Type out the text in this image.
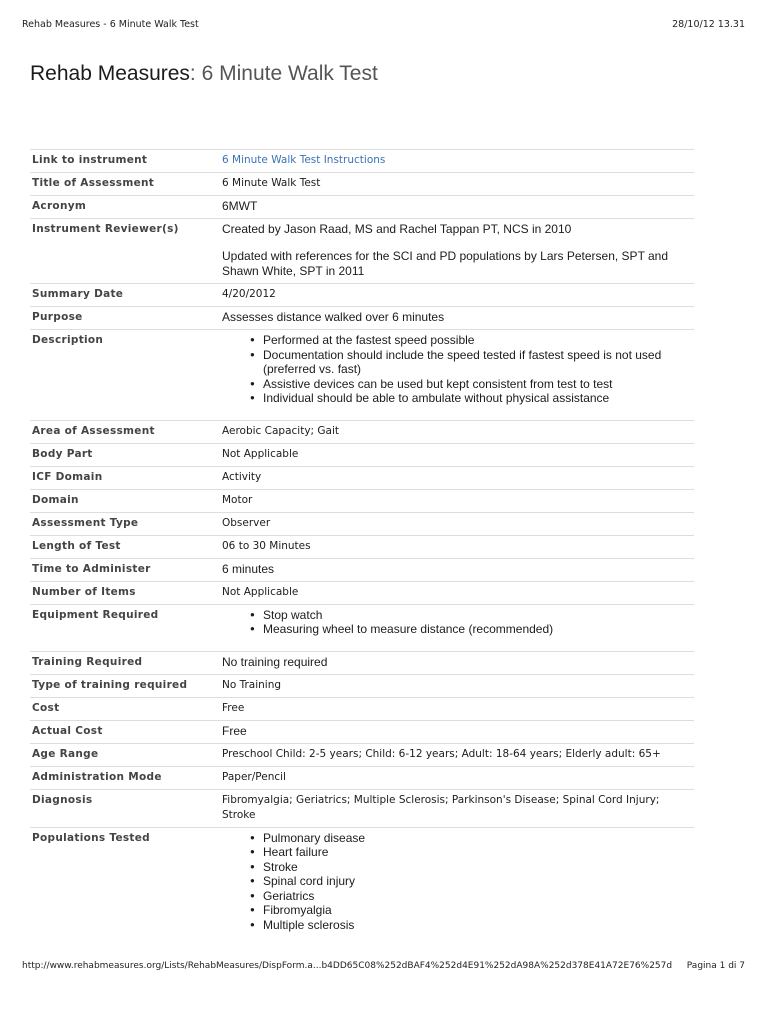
Rehab Measures - 6 Minute Walk Test	28/10/12 13.31
Rehab Measures: 6 Minute Walk Test
Link to instrument	6 Minute Walk Test Instructions
Title of Assessment	6 Minute Walk Test
Acronym	6MWT
Instrument Reviewer(s)	Created by Jason Raad, MS and Rachel Tappan PT, NCS in 2010

Updated with references for the SCI and PD populations by Lars Petersen, SPT and Shawn White, SPT in 2011

Summary Date	4/20/2012
Purpose	Assesses distance walked over 6 minutes
Description	● Performed at the fastest speed possible
● Documentation should include the speed tested if fastest speed is not used (preferred vs. fast)
● Assistive devices can be used but kept consistent from test to test
● Individual should be able to ambulate without physical assistance
Area of Assessment	Aerobic Capacity; Gait
Body Part	Not Applicable
ICF Domain	Activity
Domain	Motor
Assessment Type	Observer
Length of Test	06 to 30 Minutes
Time to Administer	6 minutes
Number of Items	Not Applicable
Equipment Required	● Stop watch
● Measuring wheel to measure distance (recommended)
Training Required	No training required
Type of training required	No Training
Cost	Free
Actual Cost	Free
Age Range	Preschool Child: 2-5 years; Child: 6-12 years; Adult: 18-64 years; Elderly adult: 65+
Administration Mode	Paper/Pencil
Diagnosis	Fibromyalgia; Geriatrics; Multiple Sclerosis; Parkinson's Disease; Spinal Cord Injury; Stroke
Populations Tested	● Pulmonary disease
● Heart failure
● Stroke
● Spinal cord injury
● Geriatrics
● Fibromyalgia
● Multiple sclerosis
http://www.rehabmeasures.org/Lists/RehabMeasures/DispForm.a...b4DD65C08%252dBAF4%252d4E91%252dA98A%252d378E41A72E76%257d Pagina 1 di 7
